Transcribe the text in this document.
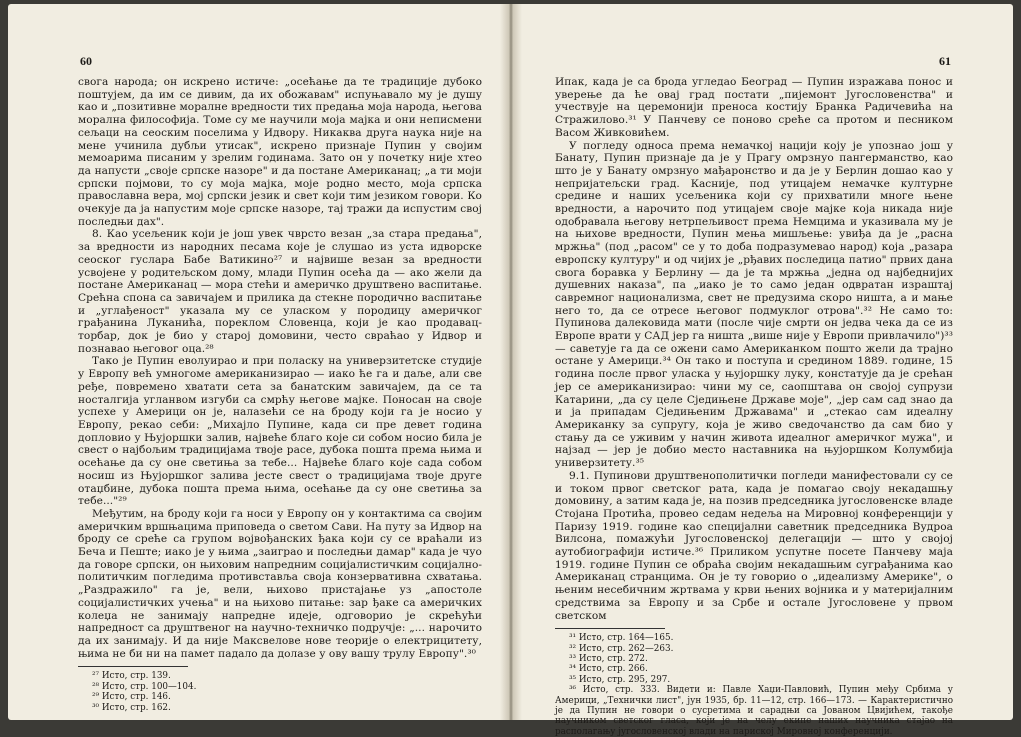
60

свога народа; он искрено истиче: „осећање да те традиције дубоко поштујем, да им се дивим, да их обожавам" испуњавало му је душу као и „позитивне моралне вредности тих предања моја народа, његова морална философија. Томе су ме научили моја мајка и они неписмени сељаци на сеоским поселима у Идвору. Никаква друга наука није на мене учинила дубљи утисак", искрено признаје Пупин у својим мемоарима писаним у зрелим годинама. Зато он у почетку није хтео да напусти „своје српске назоре" и да постане Американац; „а ти моји српски појмови, то су моја мајка, моје родно место, моја српска православна вера, мој српски језик и свет који тим језиком говори. Ко очекује да ја напустим моје српске назоре, тај тражи да испустим свој последњи дах".

8. Као усељеник који је још увек чврсто везан „за стара предања", за вредности из народних песама које је слушао из уста идворске сеоског гуслара Бабе Ватикино²⁷ и највише везан за вредности усвојене у родитељском дому, млади Пупин осећа да — ако жели да постане Американац — мора стећи и америчко друштвено васпитање. Срећна спона са завичајем и прилика да стекне породично васпитање и „углађеност" указала му се уласком у породицу америчког грађанина Луканића, пореклом Словенца, који је као продавац-торбар, док је био у старој домовини, често свраћао у Идвор и познавао његовог оца.²⁸

Тако је Пупин еволуирао и при поласку на универзитетске студије у Европу већ умногоме американизирао — иако ће га и даље, али све ређе, повремено хватати сета за банатским завичајем, да се та носталгија угланвом изгуби са смрћу његове мајке. Поносан на своје успехе у Америци он је, налазећи се на броду који га је носио у Европу, рекао себи: „Михајло Пупине, када си пре девет година допловио у Њујоршки залив, највеће благо које си собом носио била је свест о најбољим традицијама твоје расе, дубока пошта према њима и осећање да су оне светиња за тебе... Највеће благо које сада собом носиш из Њујоршког залива јесте свест о традицијама твоје друге отаџбине, дубока пошта према њима, осећање да су оне светиња за тебе..."²⁹

Међутим, на броду који га носи у Европу он у контактима са својим америчким вршњацима приповеда о светом Сави. На путу за Идвор на броду се среће са групом војвођанских ђака који су се враћали из Беча и Пеште; иако је у њима „заиграо и последњи дамар" када је чуо да говоре српски, он њиховим напредним социјалистичким социјално-политичким погледима противставља своја конзервативна схватања. „Раздражило" га је, вели, њихово пристајање уз „апостоле социјалистичких учења" и на њихово питање: зар ђаке са америчких колеџа не занимају напредне идеје, одговорио је скрећући напредност са друштвеног на научно-техничко подручје: „... нарочито да их занимају. И да није Максвелове нове теорије о електрицитету, њима не би ни на памет падало да долазе у ову вашу трулу Европу".³⁰

²⁷ Исто, стр. 139.

²⁸ Исто, стр. 100—104.

²⁹ Исто, стр. 146.

³⁰ Исто, стр. 162.

61

Ипак, када је са брода угледао Београд — Пупин изражава понос и уверење да ће овај град постати „пијемонт Југословенства" и учествује на церемонији преноса костију Бранка Радичевића на Стражилово.³¹ У Панчеву се поново среће са протом и песником Васом Живковићем.

У погледу односа према немачкој нацији коју је упознао још у Банату, Пупин признаје да је у Прагу омрзнуо пангерманство, као што је у Банату омрзнуо мађаронство и да је у Берлин дошао као у непријатељски град. Касније, под утицајем немачке културне средине и наших усељеника који су прихватили многе њене вредности, а нарочито под утицајем своје мајке која никада није одобравала његову нетрпељивост према Немцима и указивала му је на њихове вредности, Пупин мења мишљење: увиђа да је „расна мржња" (под „расом" се у то доба подразумевао народ) која „разара европску културу" и од чијих је „рђавих последица патио" првих дана свога боравка у Берлину — да је та мржња „једна од најбеднијих душевних наказа", па „иако је то само један одвратан израштај савремног национализма, свет не предузима скоро ништа, а и мање него то, да се отресе његовог подмуклог отрова".³² Не само то: Пупинова далековида мати (после чије смрти он једва чека да се из Европе врати у САД јер га ништа „више није у Европи привлачило")³³ — саветује га да се ожени само Американком пошто жели да трајно остане у Америци.³⁴ Он тако и поступа и средином 1889. године, 15 година после првог уласка у њујоршку луку, констатује да је срећан јер се американизирао: чини му се, саопштава он својој супрузи Катарини, „да су целе Сједињене Државе моје", „јер сам сад знао да и ја припадам Сједињеним Државама" и „стекао сам идеалну Американку за супругу, која је живо сведочанство да сам био у стању да се уживим у начин живота идеалног америчког мужа", и најзад — јер је добио место наставника на њујоршком Колумбија универзитету.³⁵

9.1. Пупинови друштвенополитички погледи манифестовали су се и током првог светског рата, када је помагао своју некадашњу домовину, а затим када је, на позив председника југословенске владе Стојана Протића, провео седам недеља на Мировној конференцији у Паризу 1919. године као специјални саветник председника Вудроа Вилсона, помажући Југословенској делегацији — што у својој аутобиографији истиче.³⁶ Приликом успутне посете Панчеву маја 1919. године Пупин се обраћа својим некадашњим суграђанима као Американац странцима. Он је ту говорио о „идеализму Америке", о њеним несебичним жртвама у крви њених војника и у материјалним средствима за Европу и за Србе и остале Југословене у првом светском

³¹ Исто, стр. 164—165.

³² Исто, стр. 262—263.

³³ Исто, стр. 272.

³⁴ Исто, стр. 266.

³⁵ Исто, стр. 295, 297.

³⁶ Исто, стр. 333. Видети и: Павле Хаџи-Павловић, Пупин међу Србима у Америци, „Технички лист", јун 1935, бр. 11—12, стр. 166—173. — Карактеристично је да Пупин не говори о сусретима и сарадњи са Јованом Цвијићем, такође научником светског гласа, који је на челу екипе наших научника стајао на располагању југословенској влади на париској Мировној конференцији.
